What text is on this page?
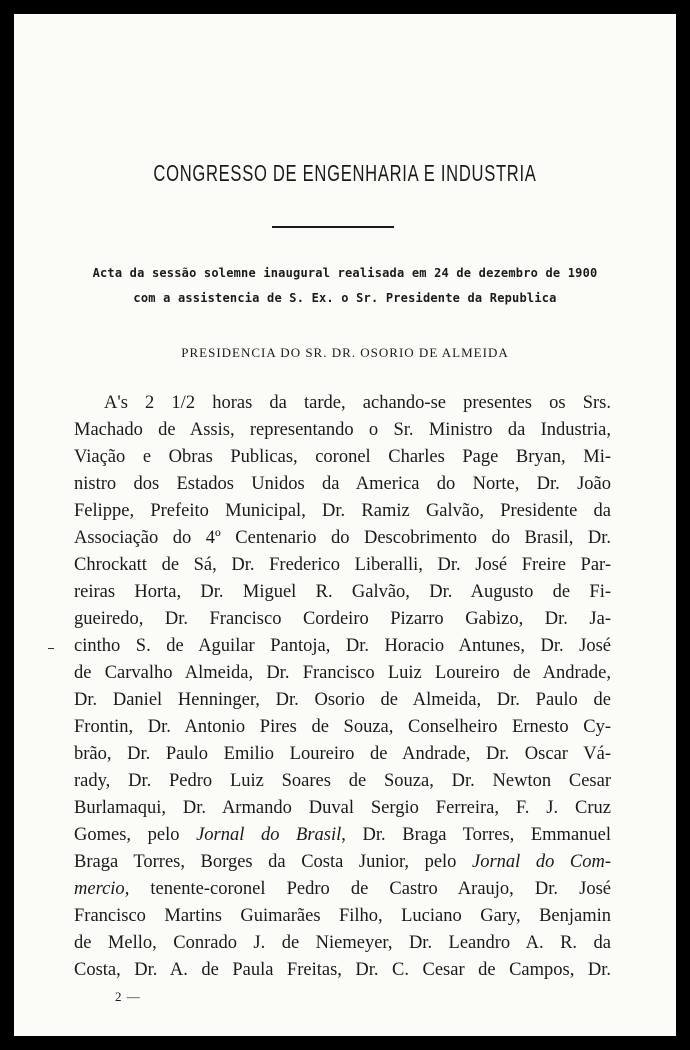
CONGRESSO DE ENGENHARIA E INDUSTRIA
Acta da sessão solemne inaugural realisada em 24 de dezembro de 1900
com a assistencia de S. Ex. o Sr. Presidente da Republica
PRESIDENCIA DO SR. DR. OSORIO DE ALMEIDA
A's 2 1/2 horas da tarde, achando-se presentes os Srs.
Machado de Assis, representando o Sr. Ministro da Industria,
Viação e Obras Publicas, coronel Charles Page Bryan, Mi-
nistro dos Estados Unidos da America do Norte, Dr. João
Felippe, Prefeito Municipal, Dr. Ramiz Galvão, Presidente da
Associação do 4º Centenario do Descobrimento do Brasil, Dr.
Chrockatt de Sá, Dr. Frederico Liberalli, Dr. José Freire Par-
reiras Horta, Dr. Miguel R. Galvão, Dr. Augusto de Fi-
gueiredo, Dr. Francisco Cordeiro Pizarro Gabizo, Dr. Ja-
cintho S. de Aguilar Pantoja, Dr. Horacio Antunes, Dr. José
de Carvalho Almeida, Dr. Francisco Luiz Loureiro de Andrade,
Dr. Daniel Henninger, Dr. Osorio de Almeida, Dr. Paulo de
Frontin, Dr. Antonio Pires de Souza, Conselheiro Ernesto Cy-
brão, Dr. Paulo Emilio Loureiro de Andrade, Dr. Oscar Vá-
rady, Dr. Pedro Luiz Soares de Souza, Dr. Newton Cesar
Burlamaqui, Dr. Armando Duval Sergio Ferreira, F. J. Cruz
Gomes, pelo Jornal do Brasil, Dr. Braga Torres, Emmanuel
Braga Torres, Borges da Costa Junior, pelo Jornal do Com-
mercio, tenente-coronel Pedro de Castro Araujo, Dr. José
Francisco Martins Guimarães Filho, Luciano Gary, Benjamin
de Mello, Conrado J. de Niemeyer, Dr. Leandro A. R. da
Costa, Dr. A. de Paula Freitas, Dr. C. Cesar de Campos, Dr.
2 —
